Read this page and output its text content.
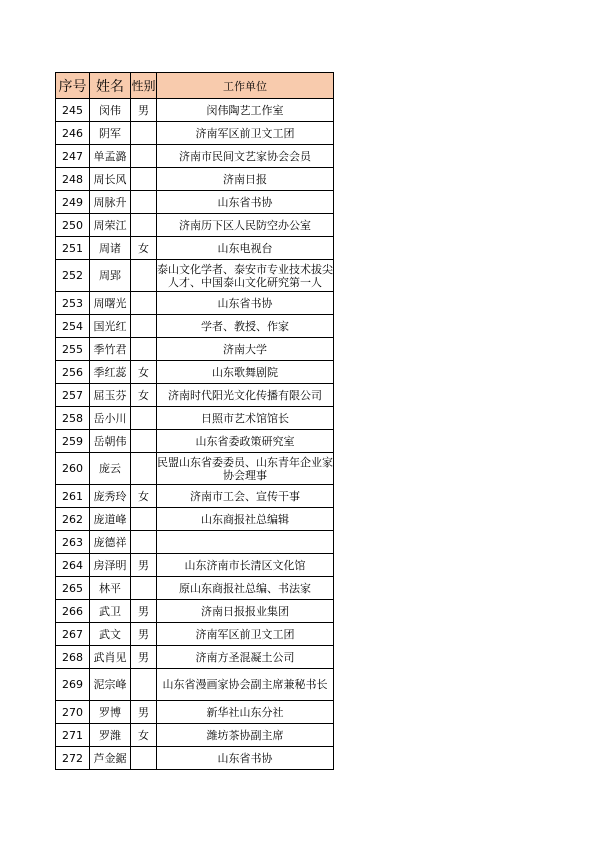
序号	姓名	性别	工作单位
245	闵伟	男	闵伟陶艺工作室
246	阴军		济南军区前卫文工团
247	单孟潞		济南市民间文艺家协会会员
248	周长风		济南日报
249	周脉升		山东省书协
250	周荣江		济南历下区人民防空办公室
251	周诸	女	山东电视台
252	周郢		泰山文化学者、泰安市专业技术拔尖人才、中国泰山文化研究第一人
253	周曙光		山东省书协
254	国光红		学者、教授、作家
255	季竹君		济南大学
256	季红蕊	女	山东歌舞剧院
257	屈玉芬	女	济南时代阳光文化传播有限公司
258	岳小川		日照市艺术馆馆长
259	岳朝伟		山东省委政策研究室
260	庞云		民盟山东省委委员、山东青年企业家协会理事
261	庞秀玲	女	济南市工会、宣传干事
262	庞道峰		山东商报社总编辑
263	庞德祥		
264	房泽明	男	山东济南市长清区文化馆
265	林平		原山东商报社总编、书法家
266	武卫	男	济南日报报业集团
267	武文	男	济南军区前卫文工团
268	武肖见	男	济南方圣混凝土公司
269	泥宗峰		山东省漫画家协会副主席兼秘书长
270	罗博	男	新华社山东分社
271	罗潍	女	潍坊茶协副主席
272	芦金鋸		山东省书协
